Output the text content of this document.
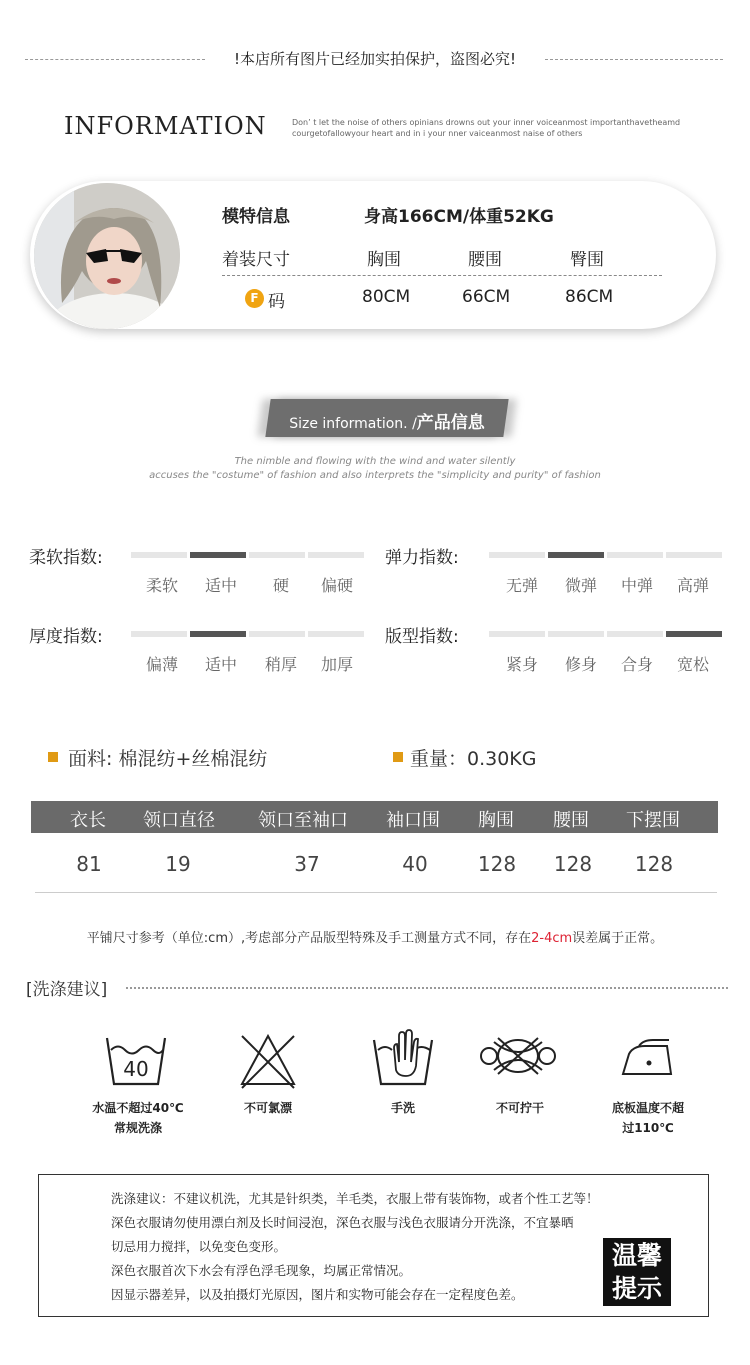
!本店所有图片已经加实拍保护，盗图必究!
INFORMATION	Don’ t let the noise of others opinians drowns out your inner voiceanmost importanthavetheamd
courgetofallowyour heart and in i your nner vaiceanmost naise of others
模特信息	身高166CM/体重52KG
着装尺寸	胸围	腰围	臀围
F 码	80CM	66CM	86CM
Size information. /产品信息
The nimble and flowing with the wind and water silently
accuses the "costume" of fashion and also interprets the "simplicity and purity" of fashion
柔软指数:	弹力指数:
厚度指数:	版型指数:
柔软	适中	硬	偏硬	无弹	微弹	中弹	高弹
偏薄	适中	稍厚	加厚	紧身	修身	合身	宽松
面料: 棉混纺+丝棉混纺	重量：0.30KG
衣长	领口直径	领口至袖口	袖口围	胸围	腰围	下摆围
81	19	37	40	128	128	128
平铺尺寸参考（单位:cm）,考虑部分产品版型特殊及手工测量方式不同，存在2-4cm误差属于正常。
[洗涤建议]
40
水温不超过40℃
常规洗涤
不可氯漂	手洗	不可拧干	底板温度不超
过110℃
洗涤建议：不建议机洗，尤其是针织类，羊毛类，衣服上带有装饰物，或者个性工艺等！
深色衣服请勿使用漂白剂及长时间浸泡，深色衣服与浅色衣服请分开洗涤，不宜暴晒
切忌用力搅拌，以免变色变形。
深色衣服首次下水会有浮色浮毛现象，均属正常情况。
因显示器差异，以及拍摄灯光原因，图片和实物可能会存在一定程度色差。
温馨
提示
